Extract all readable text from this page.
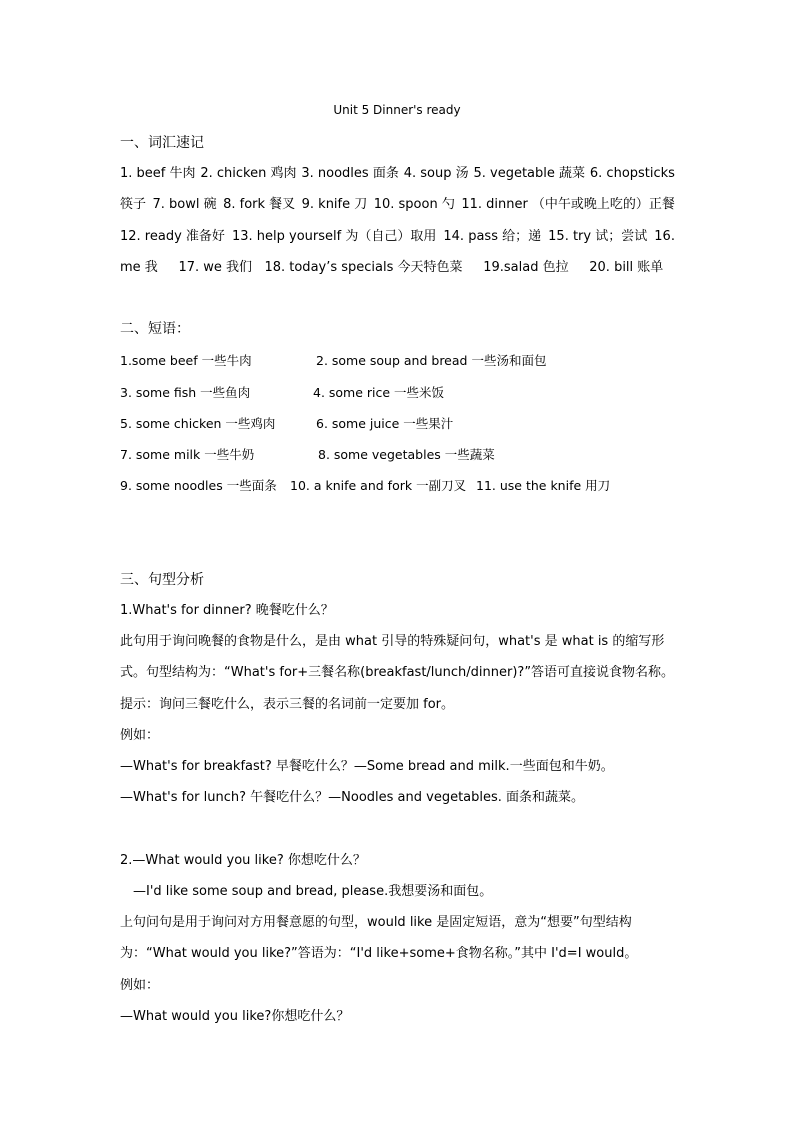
Unit 5 Dinner's ready
一、词汇速记
1. beef 牛肉 2. chicken 鸡肉 3. noodles 面条 4. soup 汤 5. vegetable 蔬菜 6. chopsticks
筷子 7. bowl 碗 8. fork 餐叉 9. knife 刀 10. spoon 勺 11. dinner （中午或晚上吃的）正餐
12. ready 准备好 13. help yourself 为（自己）取用 14. pass 给；递 15. try 试；尝试 16.
me 我 17. we 我们 18. today’s specials 今天特色菜 19.salad 色拉 20. bill 账单
二、短语：
1.some beef 一些牛肉	2. some soup and bread 一些汤和面包
3. some fish 一些鱼肉	4. some rice 一些米饭
5. some chicken 一些鸡肉	6. some juice 一些果汁
7. some milk 一些牛奶	8. some vegetables 一些蔬菜
9. some noodles 一些面条 10. a knife and fork 一副刀叉 11. use the knife 用刀
三、句型分析
1.What's for dinner? 晚餐吃什么？
此句用于询问晚餐的食物是什么，是由 what 引导的特殊疑问句，what's 是 what is 的缩写形
式。句型结构为：“What's for+三餐名称(breakfast/lunch/dinner)?”答语可直接说食物名称。
提示：询问三餐吃什么，表示三餐的名词前一定要加 for。
例如：
—What's for breakfast? 早餐吃什么？—Some bread and milk.一些面包和牛奶。
—What's for lunch? 午餐吃什么？—Noodles and vegetables. 面条和蔬菜。
2.—What would you like? 你想吃什么？
—I'd like some soup and bread, please.我想要汤和面包。
上句问句是用于询问对方用餐意愿的句型，would like 是固定短语，意为“想要”句型结构
为：“What would you like?”答语为：“I'd like+some+食物名称。”其中 I'd=I would。
例如：
—What would you like?你想吃什么？
